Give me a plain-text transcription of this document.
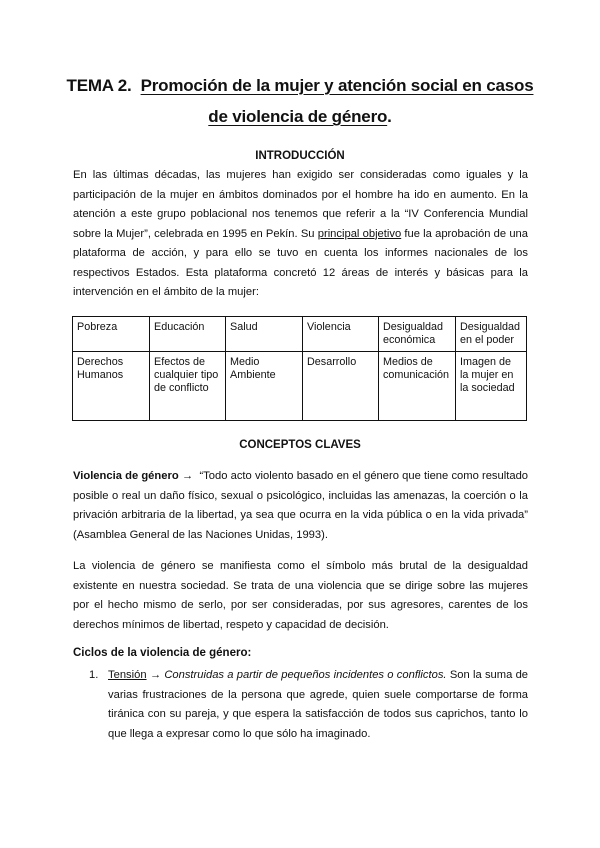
TEMA 2. Promoción de la mujer y atención social en casos de violencia de género.
INTRODUCCIÓN

En las últimas décadas, las mujeres han exigido ser consideradas como iguales y la participación de la mujer en ámbitos dominados por el hombre ha ido en aumento. En la atención a este grupo poblacional nos tenemos que referir a la “IV Conferencia Mundial sobre la Mujer”, celebrada en 1995 en Pekín. Su principal objetivo fue la aprobación de una plataforma de acción, y para ello se tuvo en cuenta los informes nacionales de los respectivos Estados. Esta plataforma concretó 12 áreas de interés y básicas para la intervención en el ámbito de la mujer:

Pobreza	Educación	Salud	Violencia	Desigualdad económica	Desigualdad en el poder
Derechos Humanos	Efectos de cualquier tipo de conflicto	Medio Ambiente	Desarrollo	Medios de comunicación	Imagen de la mujer en la sociedad
CONCEPTOS CLAVES

Violencia de género → “Todo acto violento basado en el género que tiene como resultado posible o real un daño físico, sexual o psicológico, incluidas las amenazas, la coerción o la privación arbitraria de la libertad, ya sea que ocurra en la vida pública o en la vida privada” (Asamblea General de las Naciones Unidas, 1993).

La violencia de género se manifiesta como el símbolo más brutal de la desigualdad existente en nuestra sociedad. Se trata de una violencia que se dirige sobre las mujeres por el hecho mismo de serlo, por ser consideradas, por sus agresores, carentes de los derechos mínimos de libertad, respeto y capacidad de decisión.

Ciclos de la violencia de género:
1. Tensión → Construidas a partir de pequeños incidentes o conflictos. Son la suma de varias frustraciones de la persona que agrede, quien suele comportarse de forma tiránica con su pareja, y que espera la satisfacción de todos sus caprichos, tanto lo que llega a expresar como lo que sólo ha imaginado.
